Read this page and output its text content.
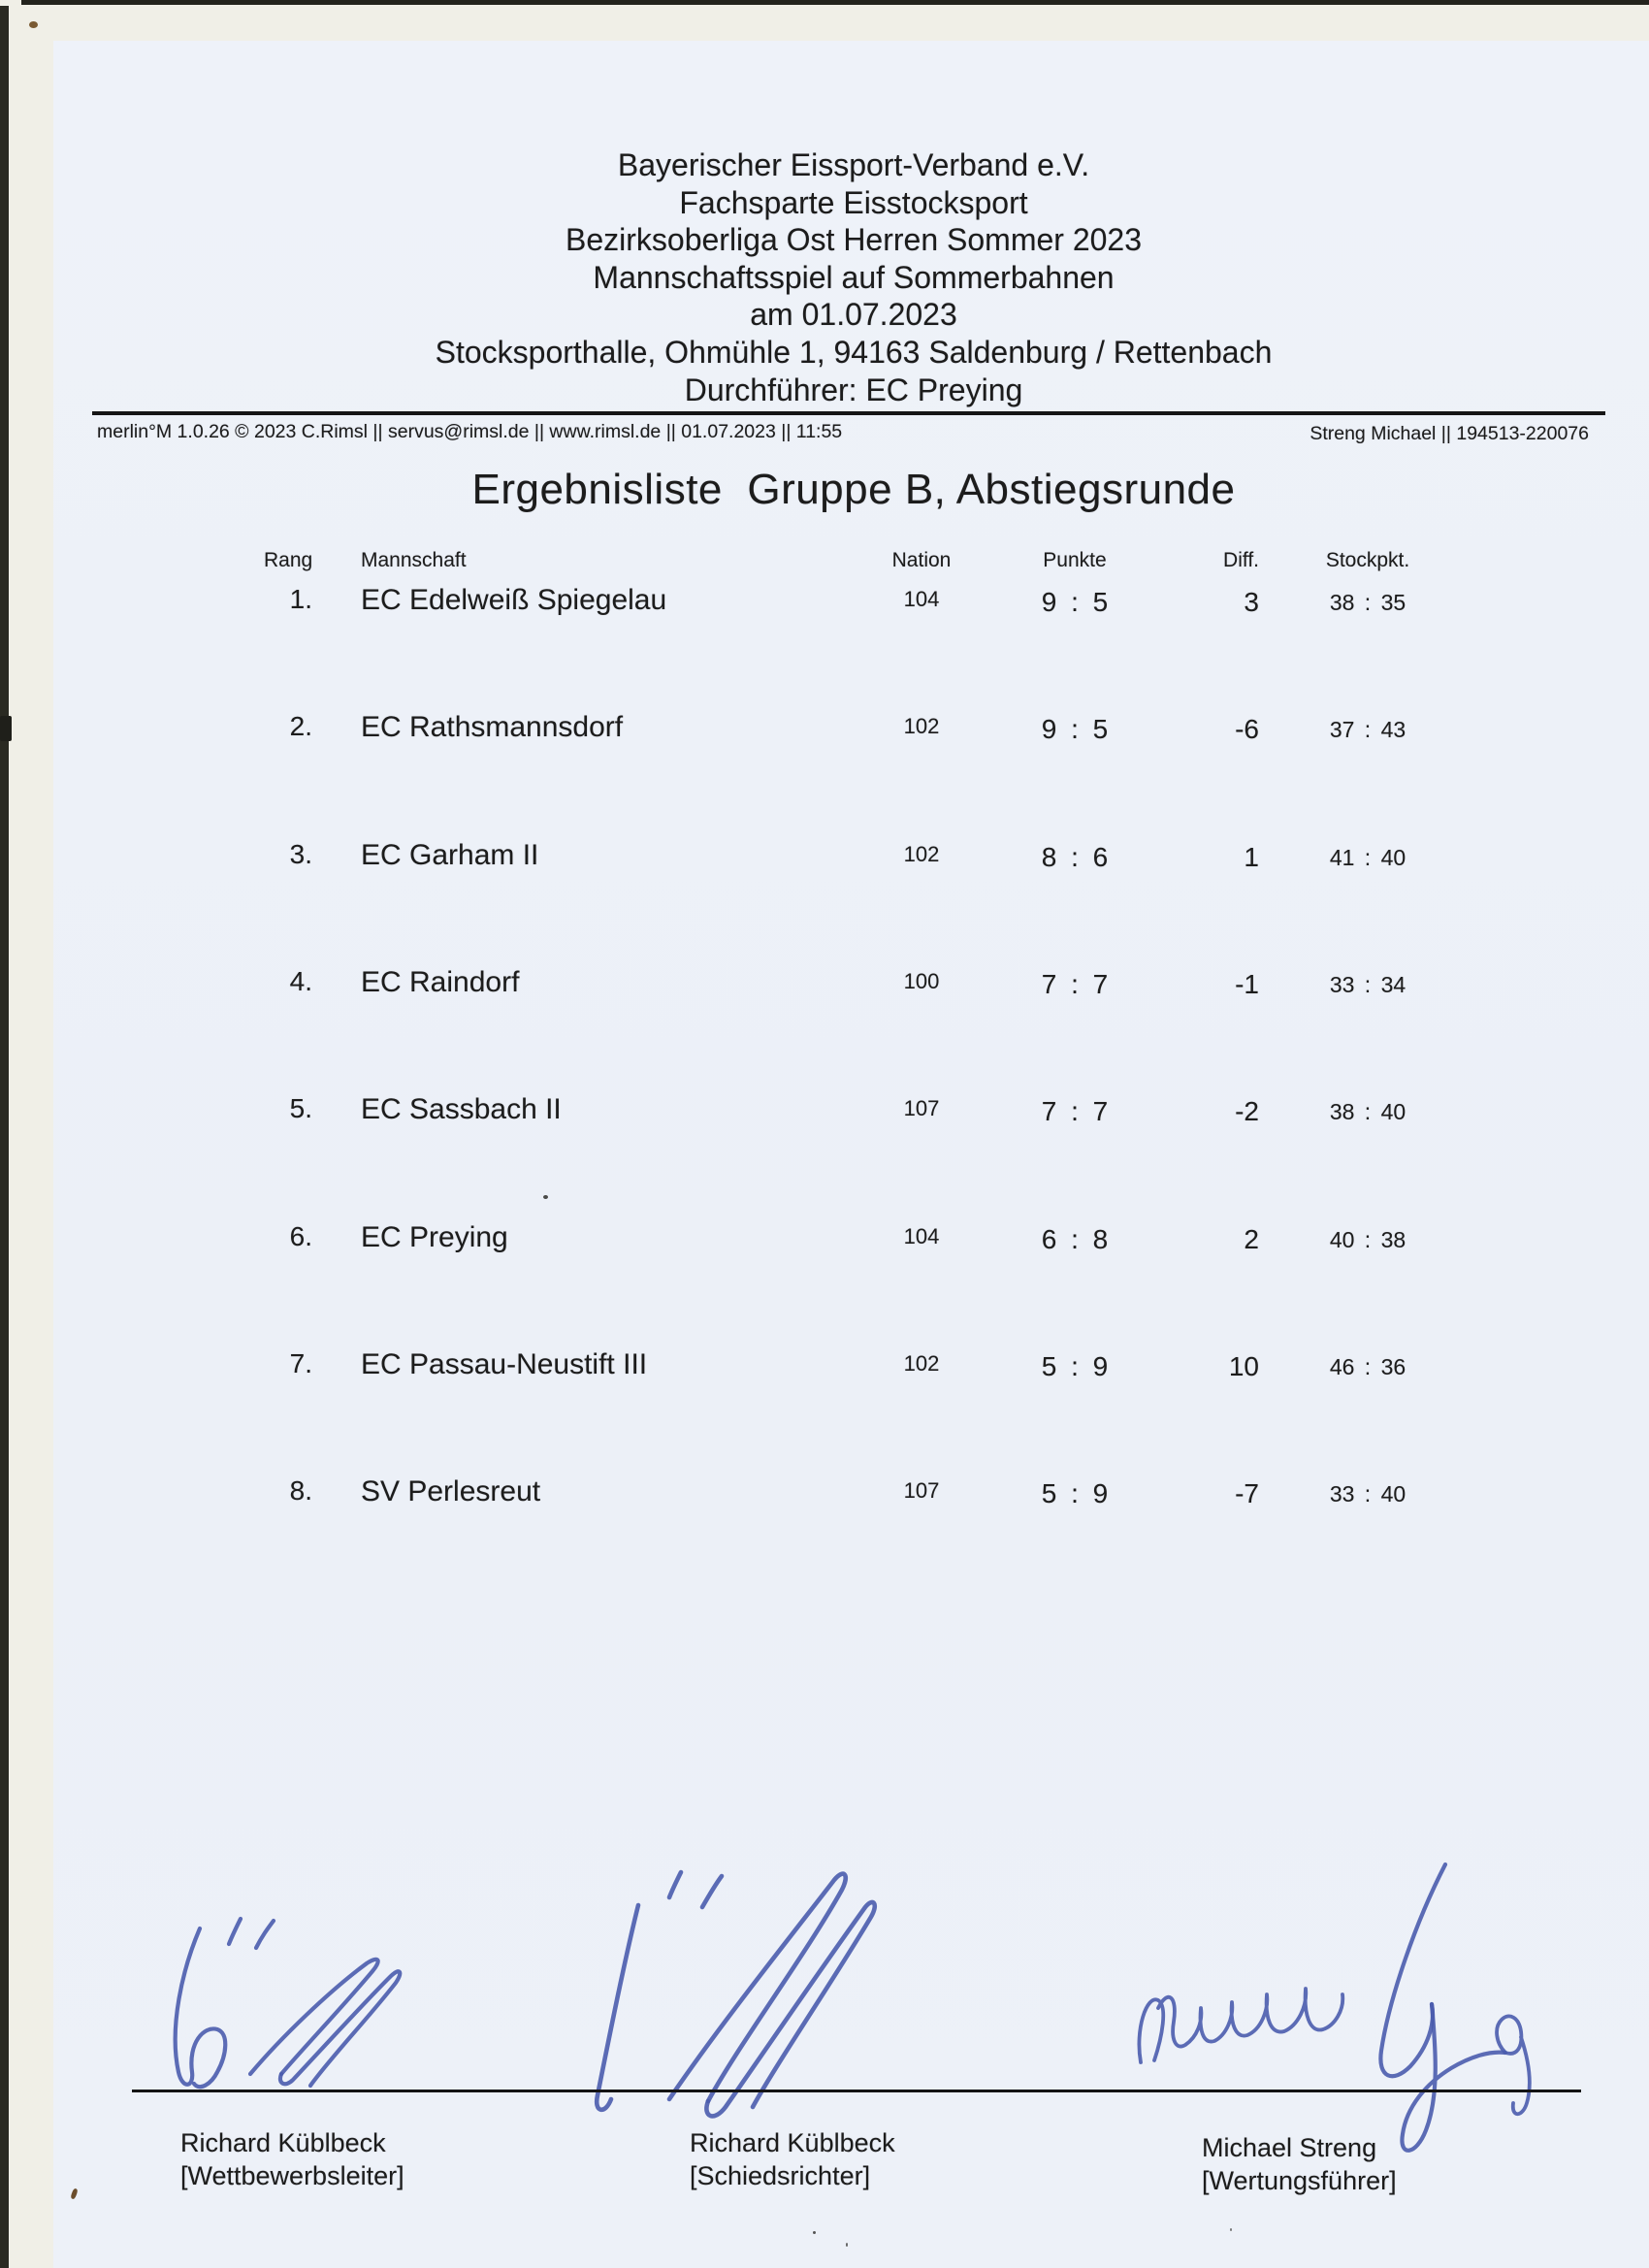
Bayerischer Eissport-Verband e.V.
Fachsparte Eisstocksport
Bezirksoberliga Ost Herren Sommer 2023
Mannschaftsspiel auf Sommerbahnen
am 01.07.2023
Stocksporthalle, Ohmühle 1, 94163 Saldenburg / Rettenbach
Durchführer: EC Preying
merlin°M 1.0.26 © 2023 C.Rimsl || servus@rimsl.de || www.rimsl.de || 01.07.2023 || 11:55	Streng Michael || 194513-220076
Ergebnisliste  Gruppe B, Abstiegsrunde
Rang Mannschaft	Nation	Punkte	Diff.	Stockpkt.
1. EC Edelweiß Spiegelau	104	9 : 5	3	38 : 35
2. EC Rathsmannsdorf	102	9 : 5	-6	37 : 43
3. EC Garham II	102	8 : 6	1	41 : 40
4. EC Raindorf	100	7 : 7	-1	33 : 34
5. EC Sassbach II	107	7 : 7	-2	38 : 40
6. EC Preying	104	6 : 8	2	40 : 38
7. EC Passau-Neustift III	102	5 : 9	10	46 : 36
8. SV Perlesreut	107	5 : 9	-7	33 : 40
Richard Küblbeck
[Wettbewerbsleiter]
Richard Küblbeck
[Schiedsrichter]
Michael Streng
[Wertungsführer]
